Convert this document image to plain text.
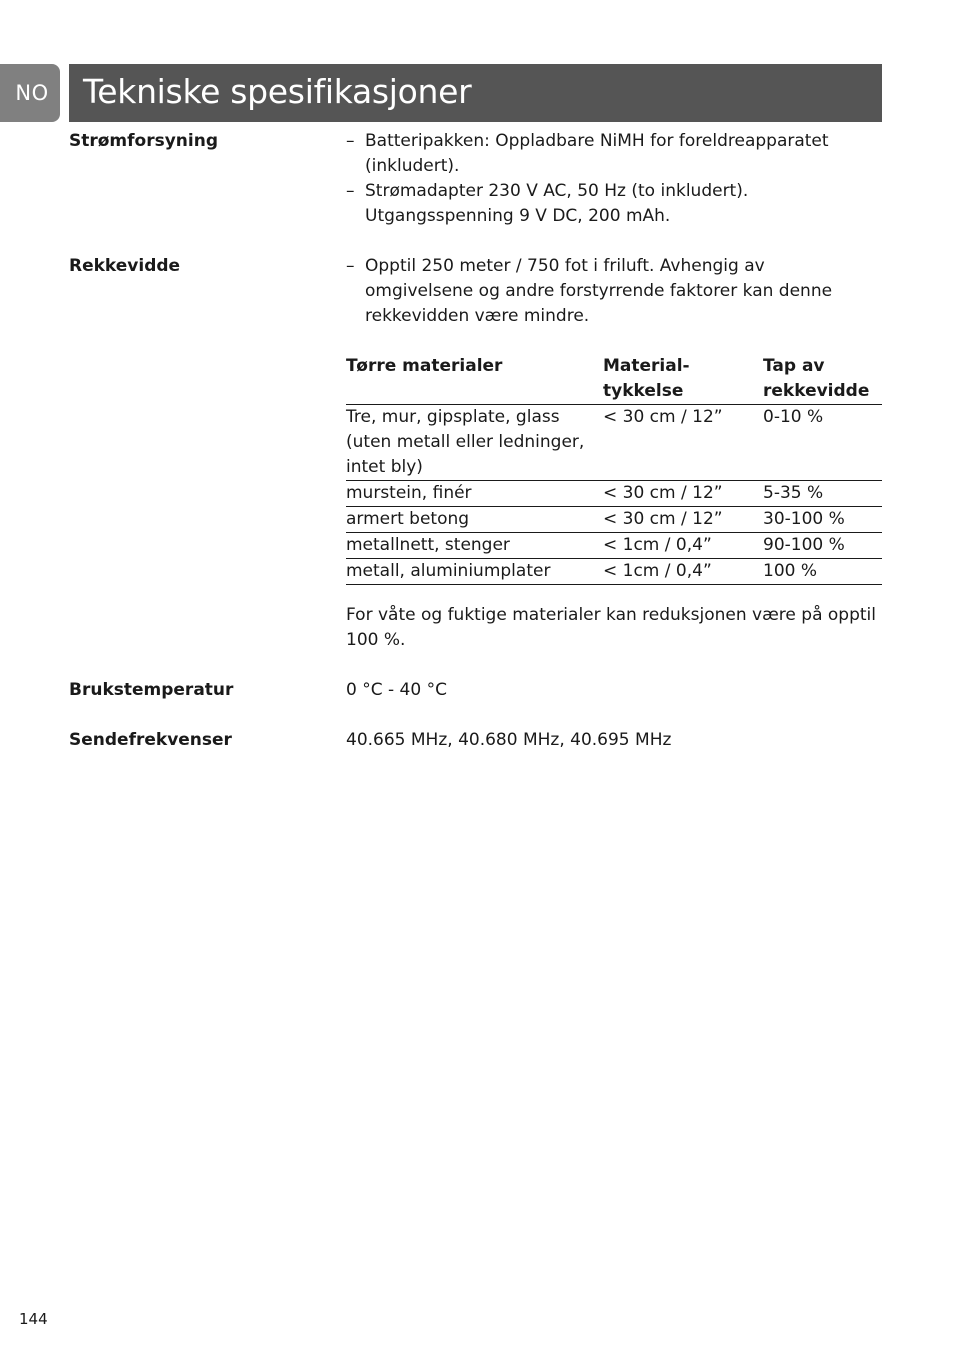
NO	Tekniske spesifikasjoner
Strømforsyning	– Batteripakken: Oppladbare NiMH for foreldreapparatet (inkludert).
– Strømadapter 230 V AC, 50 Hz (to inkludert). Utgangsspenning 9 V DC, 200 mAh.
Rekkevidde	– Opptil 250 meter / 750 fot i friluft. Avhengig av omgivelsene og andre forstyrrende faktorer kan denne rekkevidden være mindre.
Tørre materialer	Material- tykkelse	Tap av rekkevidde
Tre, mur, gipsplate, glass (uten metall eller ledninger, intet bly)	< 30 cm / 12”	0-10 %
murstein, finér	< 30 cm / 12”	5-35 %
armert betong	< 30 cm / 12”	30-100 %
metallnett, stenger	< 1cm / 0,4”	90-100 %
metall, aluminiumplater	< 1cm / 0,4”	100 %
For våte og fuktige materialer kan reduksjonen være på opptil 100 %.
Brukstemperatur	0 °C - 40 °C
Sendefrekvenser	40.665 MHz, 40.680 MHz, 40.695 MHz
144
